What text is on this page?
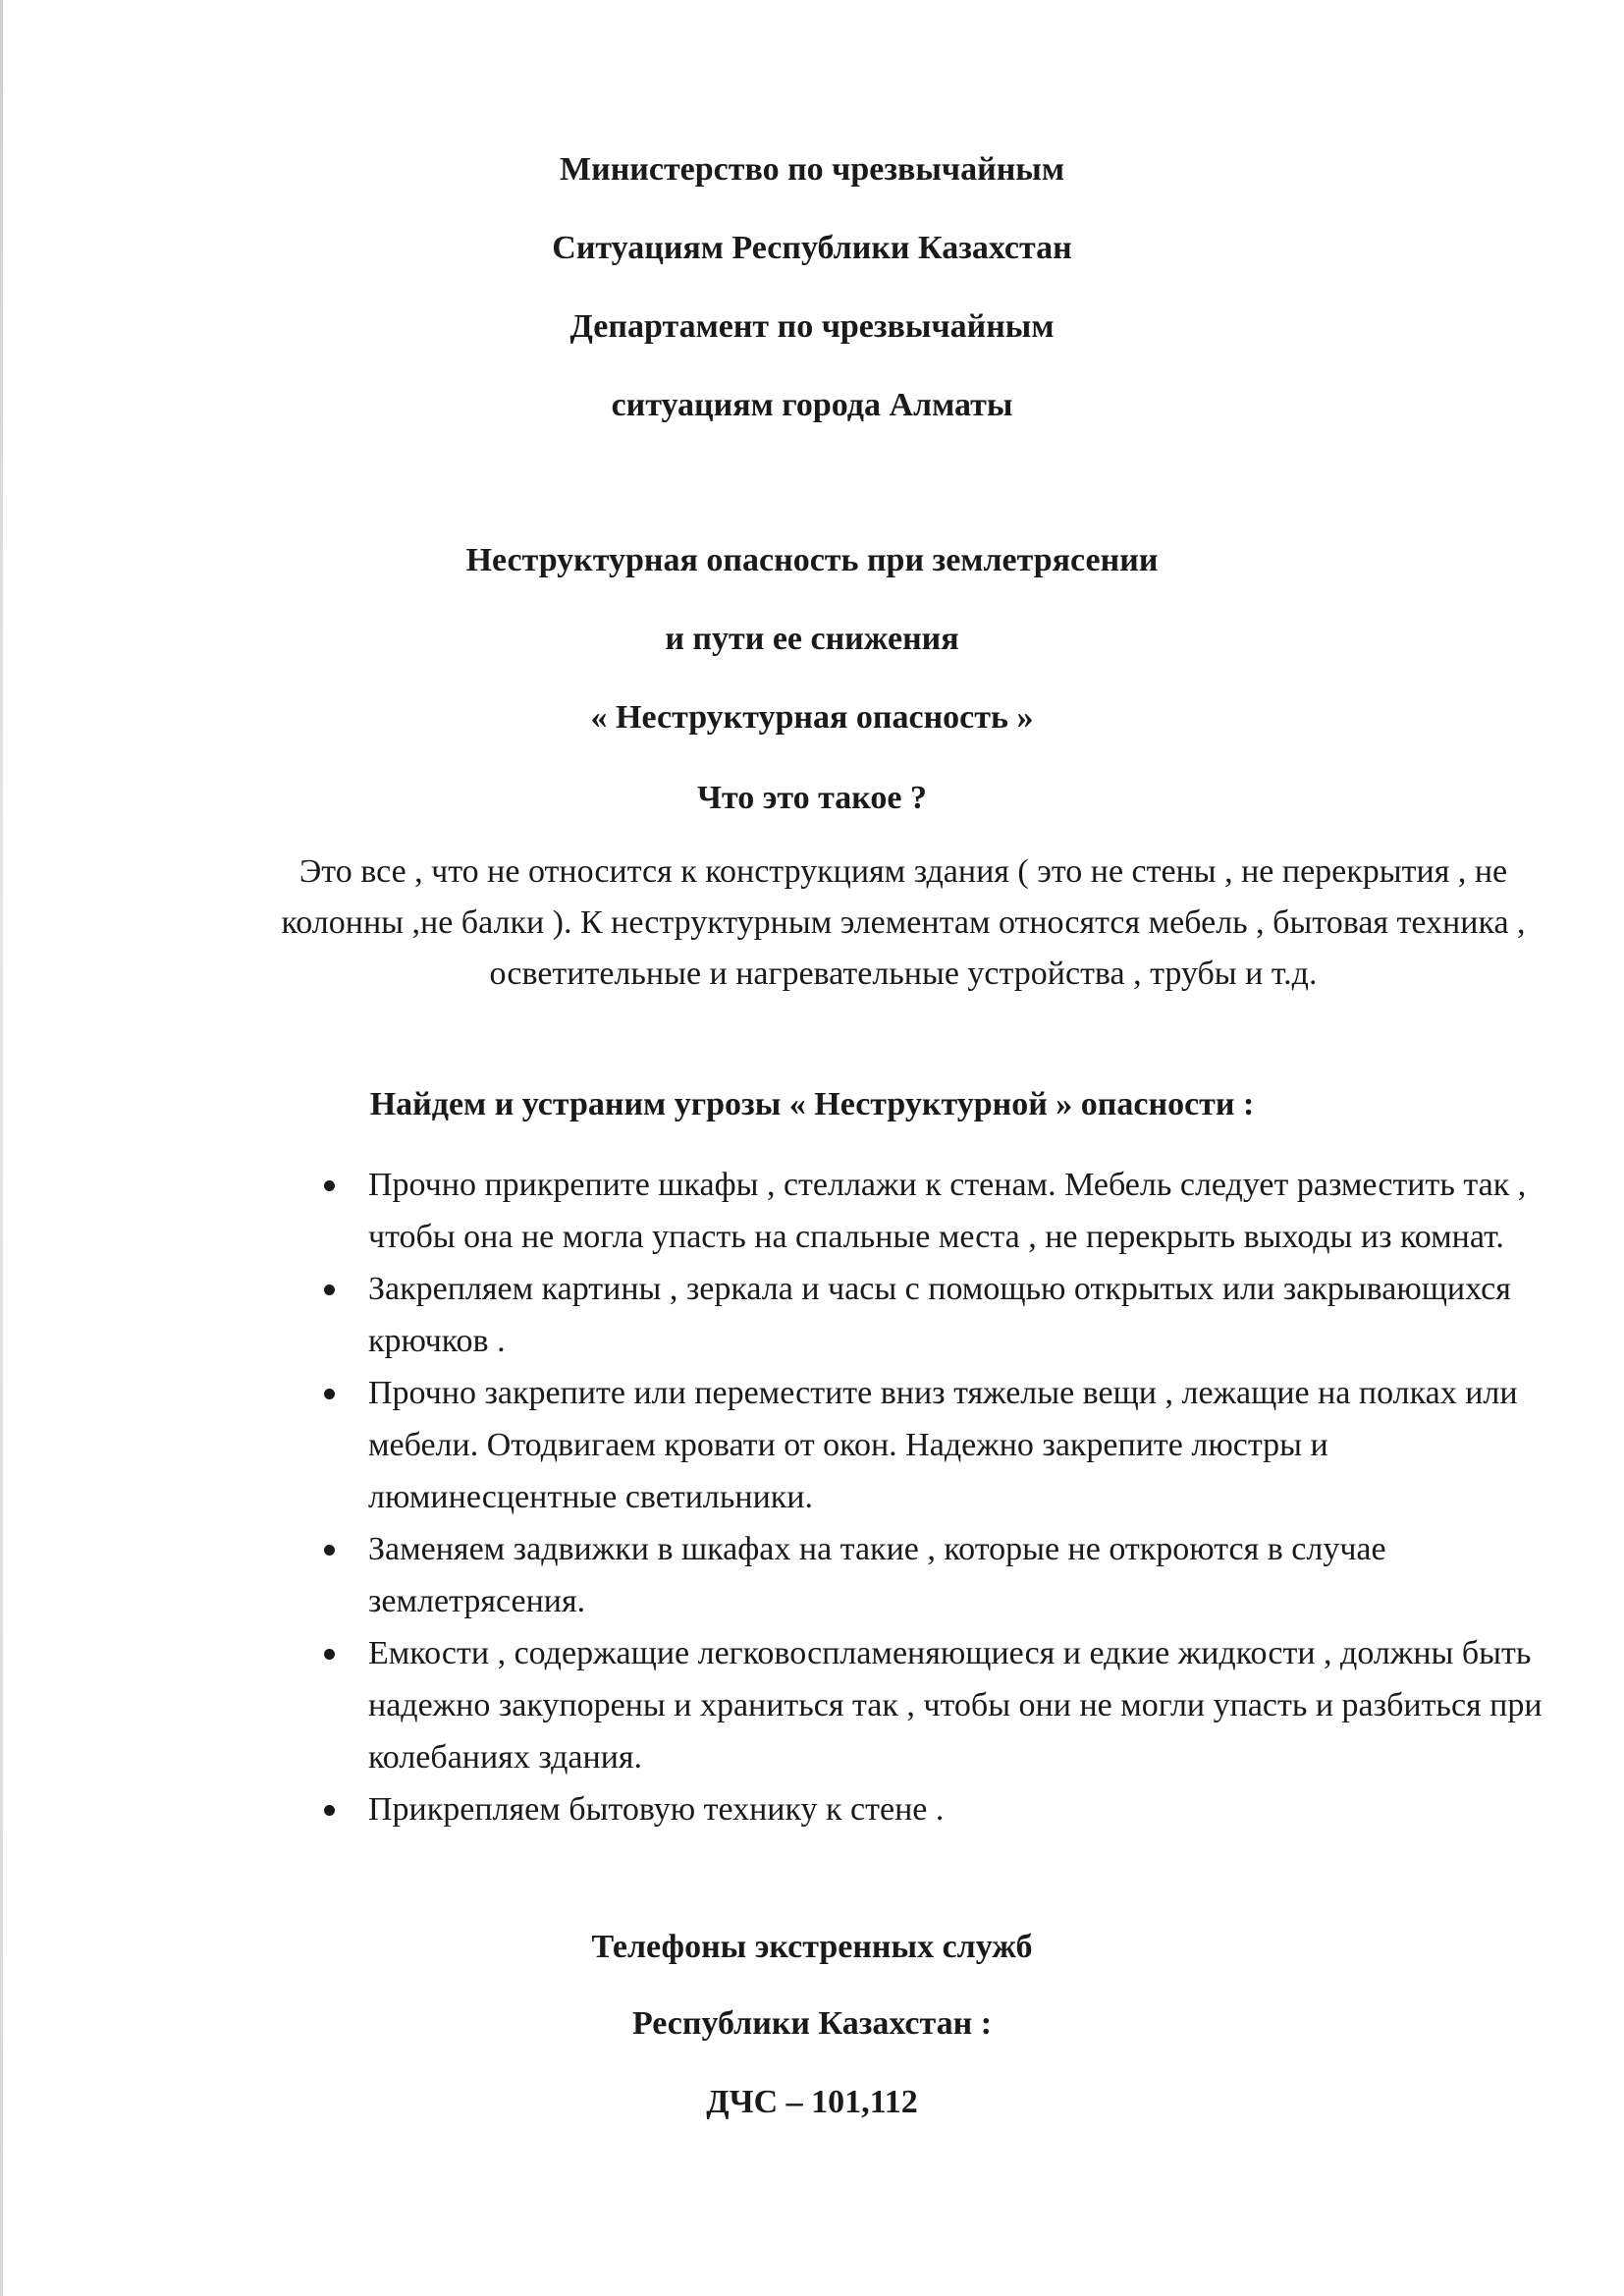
Министерство по чрезвычайным
Ситуациям Республики Казахстан
Департамент по чрезвычайным
ситуациям города Алматы
Неструктурная опасность при землетрясении
и пути ее снижения
« Неструктурная опасность »
Что это такое ?
Это все , что не относится к конструкциям здания ( это не стены , не перекрытия , не колонны ,не балки ). К неструктурным элементам относятся мебель , бытовая техника , осветительные и нагревательные устройства , трубы и т.д.
Найдем и устраним угрозы « Неструктурной » опасности :
Прочно прикрепите шкафы , стеллажи к стенам. Мебель следует разместить так , чтобы она не могла упасть на спальные места , не перекрыть выходы из комнат.
Закрепляем картины , зеркала и часы с помощью открытых или закрывающихся крючков .
Прочно закрепите или переместите вниз тяжелые вещи , лежащие на полках или мебели. Отодвигаем кровати от окон. Надежно закрепите люстры и люминесцентные светильники.
Заменяем задвижки в шкафах на такие , которые не откроются в случае землетрясения.
Емкости , содержащие легковоспламеняющиеся и едкие жидкости , должны быть надежно закупорены и храниться так , чтобы они не могли упасть и разбиться при колебаниях здания.
Прикрепляем бытовую технику к стене .
Телефоны экстренных служб
Республики Казахстан :
ДЧС – 101,112
